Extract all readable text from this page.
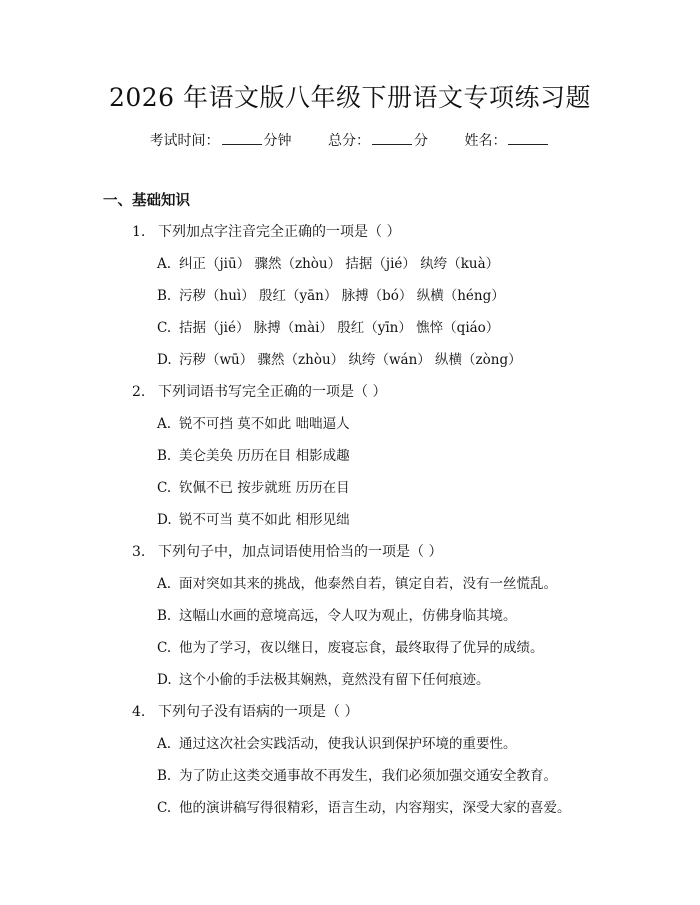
2026 年语文版八年级下册语文专项练习题
考试时间：	分钟	总分：	分	姓名：
一、基础知识
1. 下列加点字注音完全正确的一项是（ ）
A. 纠正（jiū） 骤然（zhòu） 拮据（jié） 纨绔（kuà）
B. 污秽（huì） 殷红（yān） 脉搏（bó） 纵横（héng）
C. 拮据（jié） 脉搏（mài） 殷红（yīn） 憔悴（qiáo）
D. 污秽（wū） 骤然（zhòu） 纨绔（wán） 纵横（zòng）
2. 下列词语书写完全正确的一项是（ ）
A. 锐不可挡 莫不如此 咄咄逼人
B. 美仑美奂 历历在目 相影成趣
C. 钦佩不已 按步就班 历历在目
D. 锐不可当 莫不如此 相形见绌
3. 下列句子中，加点词语使用恰当的一项是（ ）
A. 面对突如其来的挑战，他泰然自若，镇定自若，没有一丝慌乱。
B. 这幅山水画的意境高远，令人叹为观止，仿佛身临其境。
C. 他为了学习，夜以继日，废寝忘食，最终取得了优异的成绩。
D. 这个小偷的手法极其娴熟，竟然没有留下任何痕迹。
4. 下列句子没有语病的一项是（ ）
A. 通过这次社会实践活动，使我认识到保护环境的重要性。
B. 为了防止这类交通事故不再发生，我们必须加强交通安全教育。
C. 他的演讲稿写得很精彩，语言生动，内容翔实，深受大家的喜爱。
